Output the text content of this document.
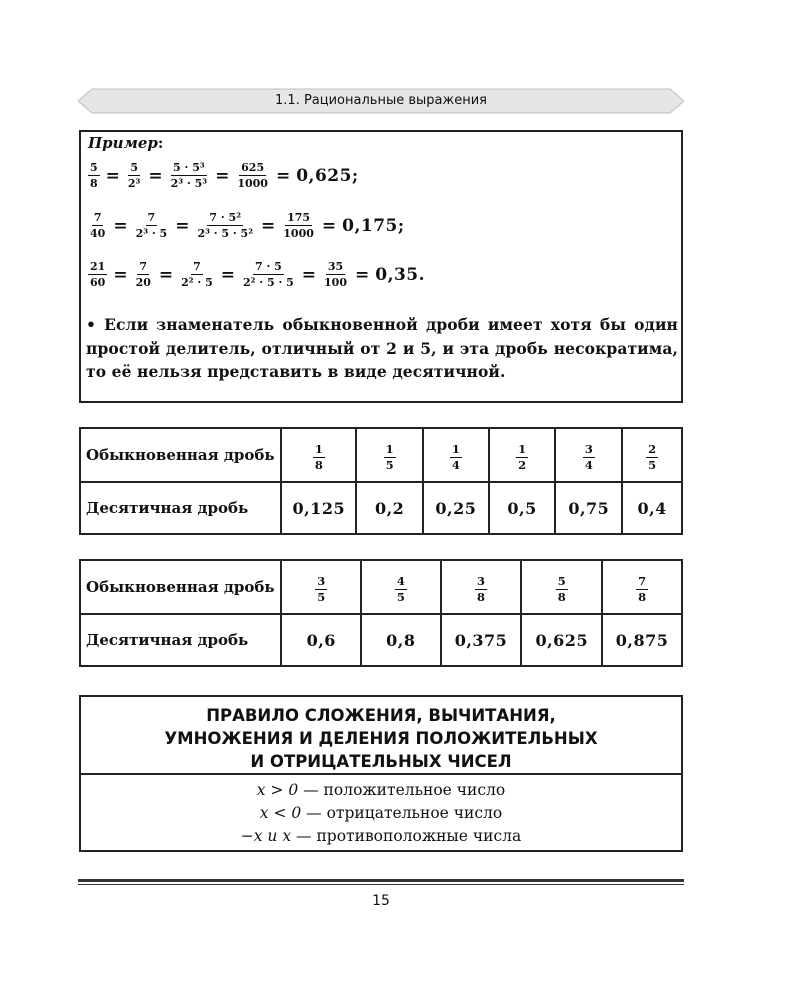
1.1. Рациональные выражения
Пример:
$\frac{5}{8} = \frac{5}{\text{2³}} = \frac{\text{5 · 5³}}{\text{2³ · 5³}} = \frac{625}{1000} = 0,625$;
$\frac{7}{40} = \frac{7}{\text{2³ · 5}} = \frac{\text{7 · 5²}}{\text{2³ · 5 · 5²}} = \frac{175}{1000} = 0,175$;
$\frac{21}{60} = \frac{7}{20} = \frac{7}{\text{2² · 5}} = \frac{7 \cdot 5}{\text{2² · 5 · 5}} = \frac{35}{100} = 0,35$.
• Если знаменатель обыкновенной дроби имеет хотя бы один простой делитель, отличный от 2 и 5, и эта дробь несократима, то её нельзя представить в виде десятичной.
Обыкновенная дробь	$\frac{1}{8}$	$\frac{1}{5}$	$\frac{1}{4}$	$\frac{1}{2}$	$\frac{3}{4}$	$\frac{2}{5}$

Десятичная дробь	0,125	0,2	0,25	0,5	0,75	0,4
Обыкновенная дробь	$\frac{3}{5}$	$\frac{4}{5}$	$\frac{3}{8}$	$\frac{5}{8}$	$\frac{7}{8}$

Десятичная дробь	0,6	0,8	0,375	0,625	0,875
ПРАВИЛО СЛОЖЕНИЯ, ВЫЧИТАНИЯ,
УМНОЖЕНИЯ И ДЕЛЕНИЯ ПОЛОЖИТЕЛЬНЫХ
И ОТРИЦАТЕЛЬНЫХ ЧИСЕЛ
x > 0 — положительное число
x < 0 — отрицательное число
−x и x — противоположные числа
15
